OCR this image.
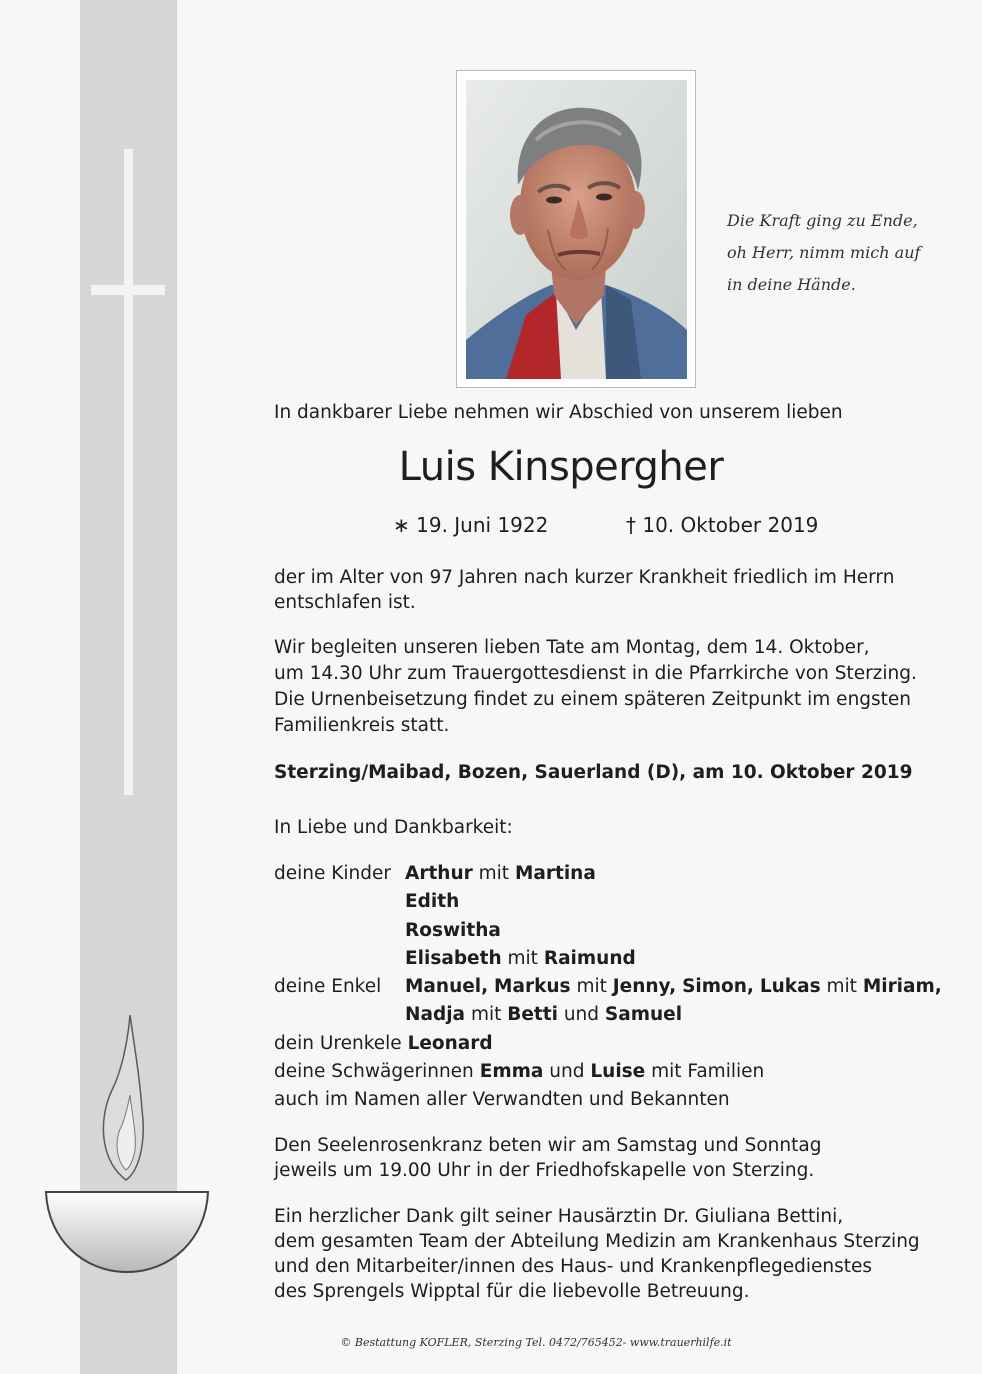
Die Kraft ging zu Ende,
oh Herr, nimm mich auf
in deine Hände.
In dankbarer Liebe nehmen wir Abschied von unserem lieben
Luis Kinspergher
∗ 19. Juni 1922	† 10. Oktober 2019
der im Alter von 97 Jahren nach kurzer Krankheit friedlich im Herrn
entschlafen ist.
Wir begleiten unseren lieben Tate am Montag, dem 14. Oktober,
um 14.30 Uhr zum Trauergottesdienst in die Pfarrkirche von Sterzing.
Die Urnenbeisetzung findet zu einem späteren Zeitpunkt im engsten
Familienkreis statt.
Sterzing/Maibad, Bozen, Sauerland (D), am 10. Oktober 2019
In Liebe und Dankbarkeit:
deine Kinder Arthur mit Martina
Edith
Roswitha
Elisabeth mit Raimund
deine Enkel Manuel, Markus mit Jenny, Simon, Lukas mit Miriam,
Nadja mit Betti und Samuel
dein Urenkele Leonard
deine Schwägerinnen Emma und Luise mit Familien
auch im Namen aller Verwandten und Bekannten
Den Seelenrosenkranz beten wir am Samstag und Sonntag
jeweils um 19.00 Uhr in der Friedhofskapelle von Sterzing.
Ein herzlicher Dank gilt seiner Hausärztin Dr. Giuliana Bettini,
dem gesamten Team der Abteilung Medizin am Krankenhaus Sterzing
und den Mitarbeiter/innen des Haus- und Krankenpflegedienstes
des Sprengels Wipptal für die liebevolle Betreuung.
© Bestattung KOFLER, Sterzing Tel. 0472/765452- www.trauerhilfe.it
